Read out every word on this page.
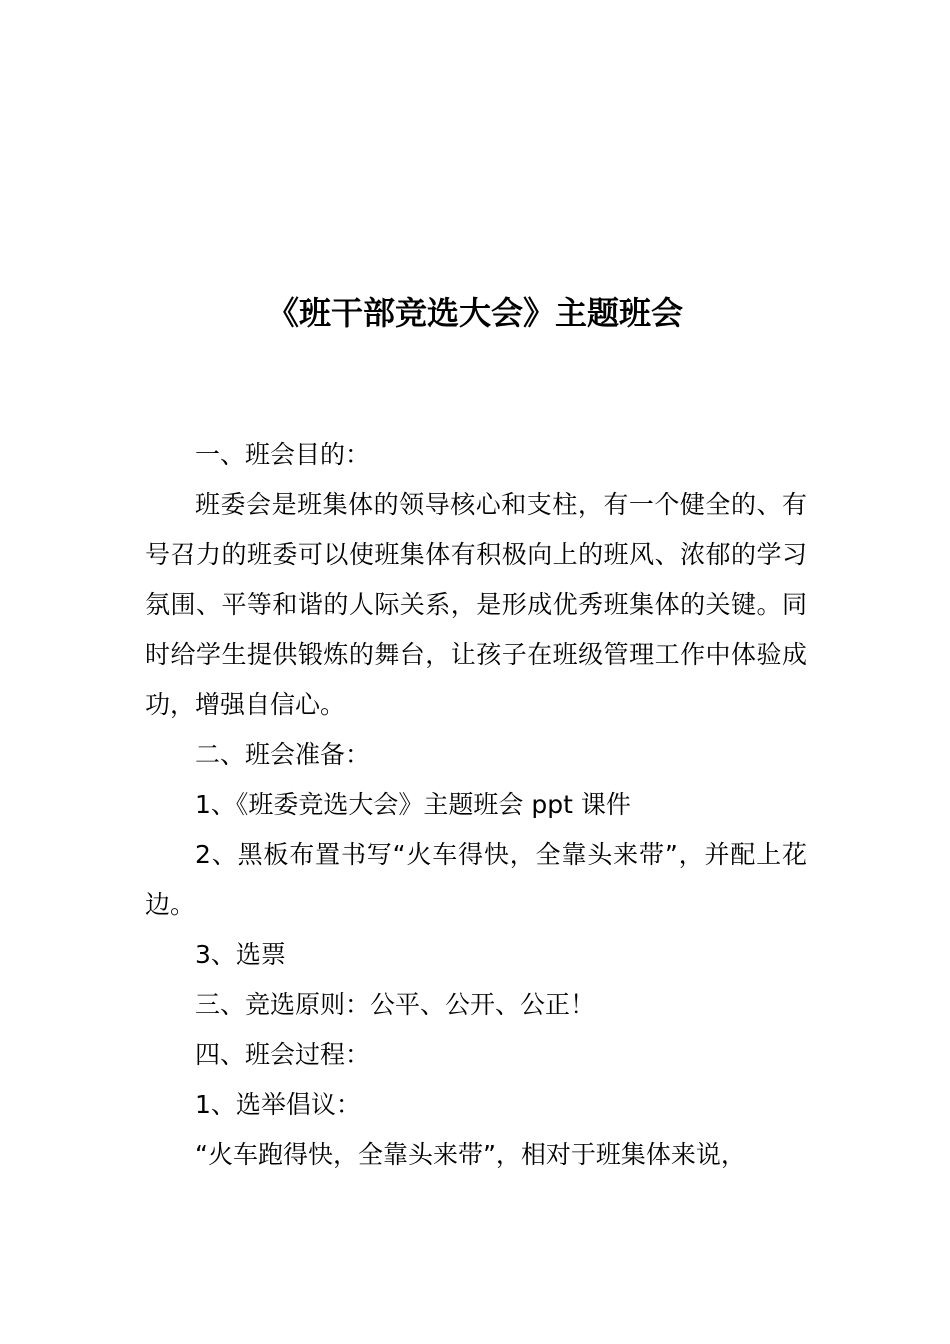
《班干部竞选大会》主题班会

一、班会目的：

班委会是班集体的领导核心和支柱，有一个健全的、有号召力的班委可以使班集体有积极向上的班风、浓郁的学习氛围、平等和谐的人际关系，是形成优秀班集体的关键。同时给学生提供锻炼的舞台，让孩子在班级管理工作中体验成功，增强自信心。

二、班会准备：

1、《班委竞选大会》主题班会 ppt 课件

2、黑板布置书写“火车得快，全靠头来带”，并配上花边。

3、选票

三、竞选原则：公平、公开、公正！

四、班会过程：

1、选举倡议：

“火车跑得快，全靠头来带”，相对于班集体来说，
